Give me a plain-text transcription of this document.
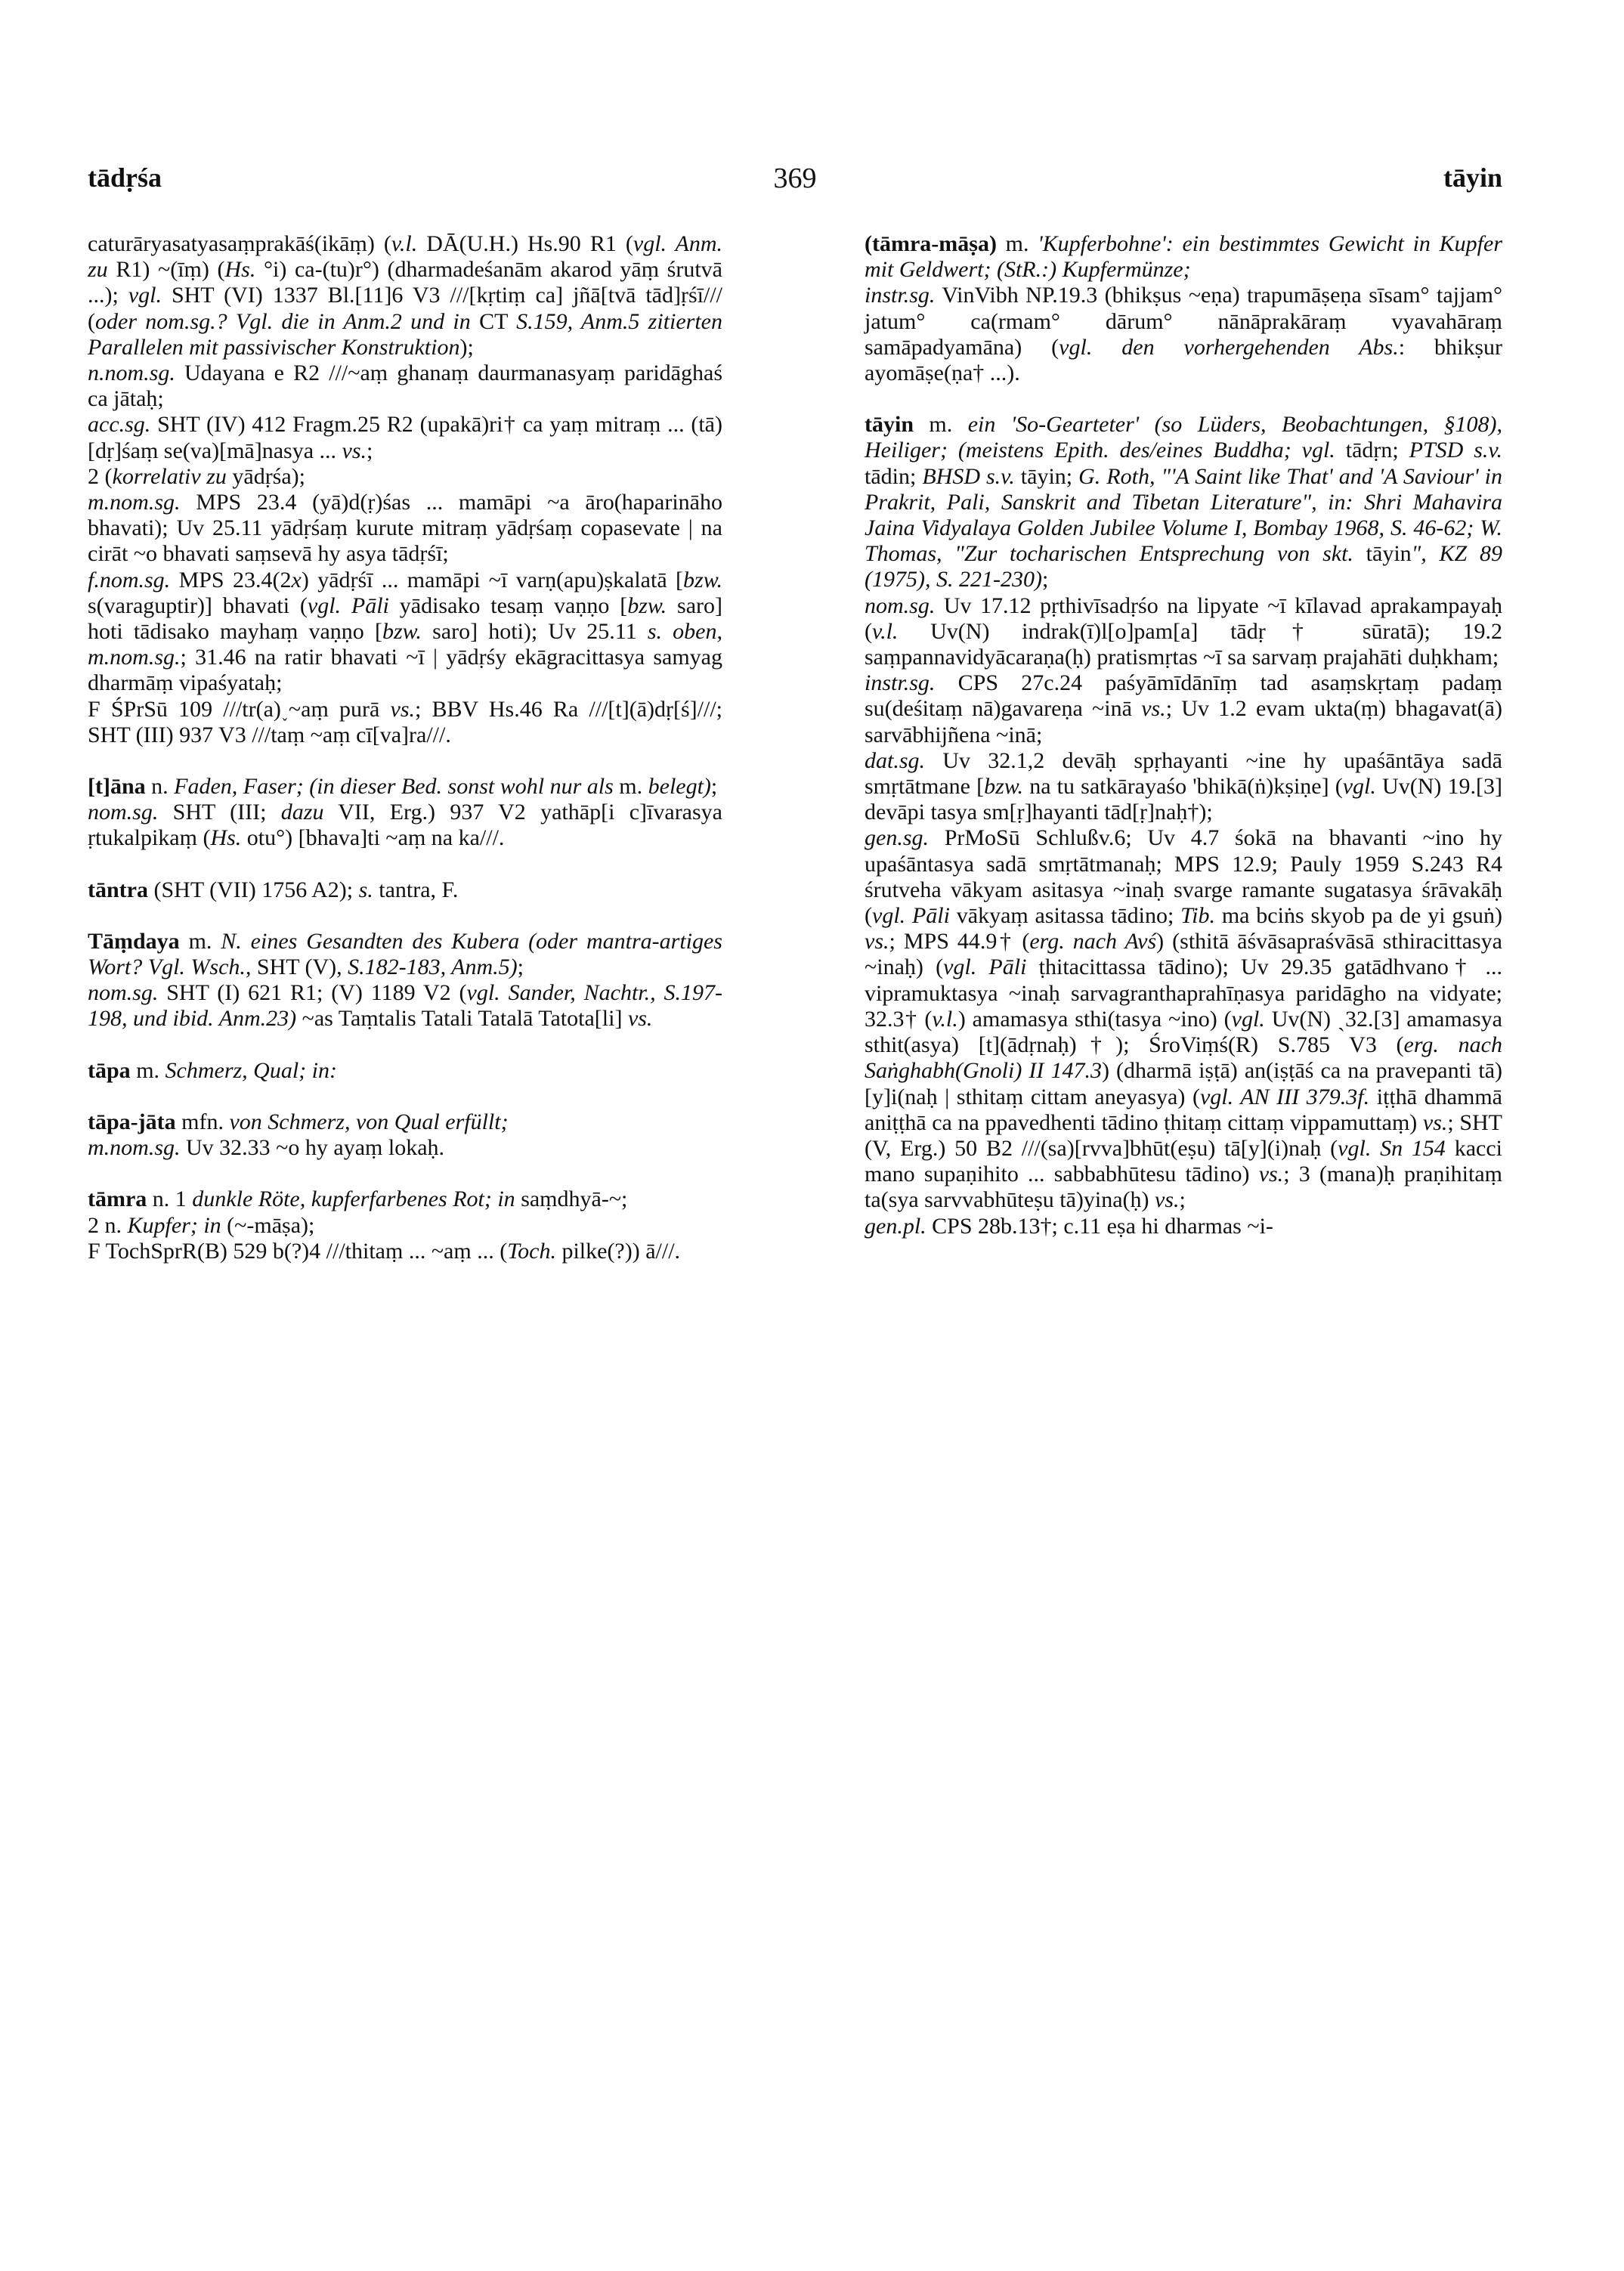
tādṛśa	369	tāyin

caturāryasatyasaṃprakāś(ikāṃ) (v.l. DĀ(U.H.) Hs.90 R1 (vgl. Anm. zu R1) ~(īṃ) (Hs. °i) ca-(tu)r°) (dharmadeśanām akarod yāṃ śrutvā ...); vgl. SHT (VI) 1337 Bl.[11]6 V3 ///[kṛtiṃ ca] jñā[tvā tād]ṛśī/// (oder nom.sg.? Vgl. die in Anm.2 und in CT S.159, Anm.5 zitierten Parallelen mit passivischer Konstruktion);

n.nom.sg. Udayana e R2 ///~aṃ ghanaṃ daurmanasyaṃ paridāghaś ca jātaḥ;

acc.sg. SHT (IV) 412 Fragm.25 R2 (upakā)ri† ca yaṃ mitraṃ ... (tā)[dṛ]śaṃ se(va)[mā]nasya ... vs.;

2 (korrelativ zu yādṛśa);

m.nom.sg. MPS 23.4 (yā)d(ṛ)śas ... mamāpi ~a āro(haparināho bhavati); Uv 25.11 yādṛśaṃ kurute mitraṃ yādṛśaṃ copasevate | na cirāt ~o bhavati saṃsevā hy asya tādṛśī;

f.nom.sg. MPS 23.4(2x) yādṛśī ... mamāpi ~ī varṇ(apu)ṣkalatā [bzw. s(varaguptir)] bhavati (vgl. Pāli yādisako tesaṃ vaṇṇo [bzw. saro] hoti tādisako mayhaṃ vaṇṇo [bzw. saro] hoti); Uv 25.11 s. oben, m.nom.sg.; 31.46 na ratir bhavati ~ī | yādṛśy ekāgracittasya samyag dharmāṃ vipaśyataḥ;

F ŚPrSū 109 ///tr(a)˯~aṃ purā vs.; BBV Hs.46 Ra ///[t](ā)dṛ[ś]///; SHT (III) 937 V3 ///taṃ ~aṃ cī[va]ra///.

[t]āna n. Faden, Faser; (in dieser Bed. sonst wohl nur als m. belegt);

nom.sg. SHT (III; dazu VII, Erg.) 937 V2 yathāp[i c]īvarasya ṛtukalpikaṃ (Hs. otu°) [bhava]ti ~aṃ na ka///.

tāntra (SHT (VII) 1756 A2); s. tantra, F.

Tāṃdaya m. N. eines Gesandten des Kubera (oder mantra-artiges Wort? Vgl. Wsch., SHT (V), S.182-183, Anm.5);

nom.sg. SHT (I) 621 R1; (V) 1189 V2 (vgl. Sander, Nachtr., S.197-198, und ibid. Anm.23) ~as Taṃtalis Tatali Tatalā Tatota[li] vs.

tāpa m. Schmerz, Qual; in:

tāpa-jāta mfn. von Schmerz, von Qual erfüllt;

m.nom.sg. Uv 32.33 ~o hy ayaṃ lokaḥ.

tāmra n. 1 dunkle Röte, kupferfarbenes Rot; in saṃdhyā-~;

2 n. Kupfer; in (~-māṣa);

F TochSprR(B) 529 b(?)4 ///thitaṃ ... ~aṃ ... (Toch. pilke(?)) ā///.

(tāmra-māṣa) m. 'Kupferbohne': ein bestimmtes Gewicht in Kupfer mit Geldwert; (StR.:) Kupfermünze;

instr.sg. VinVibh NP.19.3 (bhikṣus ~eṇa) trapumāṣeṇa sīsam° tajjam° jatum° ca(rmam° dārum° nānāprakāraṃ vyavahāraṃ samāpadyamāna) (vgl. den vorhergehenden Abs.: bhikṣur ayomāṣe(ṇa† ...).

tāyin m. ein 'So-Gearteter' (so Lüders, Beobachtungen, §108), Heiliger; (meistens Epith. des/eines Buddha; vgl. tādṛn; PTSD s.v. tādin; BHSD s.v. tāyin; G. Roth, "'A Saint like That' and 'A Saviour' in Prakrit, Pali, Sanskrit and Tibetan Literature", in: Shri Mahavira Jaina Vidyalaya Golden Jubilee Volume I, Bombay 1968, S. 46-62; W. Thomas, "Zur tocharischen Entsprechung von skt. tāyin", KZ 89 (1975), S. 221-230);

nom.sg. Uv 17.12 pṛthivīsadṛśo na lipyate ~ī kīlavad aprakampayaḥ (v.l. Uv(N) indrak(ī)l[o]pam[a] tādṛ† sūratā); 19.2 saṃpannavidyācaraṇa(ḥ) pratismṛtas ~ī sa sarvaṃ prajahāti duḥkham;

instr.sg. CPS 27c.24 paśyāmīdānīṃ tad asaṃskṛtaṃ padaṃ su(deśitaṃ nā)gavareṇa ~inā vs.; Uv 1.2 evam ukta(ṃ) bhagavat(ā) sarvābhijñena ~inā;

dat.sg. Uv 32.1,2 devāḥ spṛhayanti ~ine hy upaśāntāya sadā smṛtātmane [bzw. na tu satkārayaśo 'bhikā(ṅ)kṣiṇe] (vgl. Uv(N) 19.[3] devāpi tasya sm[ṛ]hayanti tād[ṛ]naḥ†);

gen.sg. PrMoSū Schlußv.6; Uv 4.7 śokā na bhavanti ~ino hy upaśāntasya sadā smṛtātmanaḥ; MPS 12.9; Pauly 1959 S.243 R4 śrutveha vākyam asitasya ~inaḥ svarge ramante sugatasya śrāvakāḥ (vgl. Pāli vākyaṃ asitassa tādino; Tib. ma bciṅs skyob pa de yi gsuṅ) vs.; MPS 44.9† (erg. nach Avś) (sthitā āśvāsapraśvāsā sthiracittasya ~inaḥ) (vgl. Pāli ṭhitacittassa tādino); Uv 29.35 gatādhvano† ... vipramuktasya ~inaḥ sarvagranthaprahīṇasya paridāgho na vidyate; 32.3† (v.l.) amamasya sthi(tasya ~ino) (vgl. Uv(N) ˏ32.[3] amamasya sthit(asya) [t](ādṛnaḥ)†); ŚroViṃś(R) S.785 V3 (erg. nach Saṅghabh(Gnoli) II 147.3) (dharmā iṣṭā) an(iṣṭāś ca na pravepanti tā)[y]i(naḥ | sthitaṃ cittam aneyasya) (vgl. AN III 379.3f. iṭṭhā dhammā aniṭṭhā ca na ppavedhenti tādino ṭhitaṃ cittaṃ vippamuttaṃ) vs.; SHT (V, Erg.) 50 B2 ///(sa)[rvva]bhūt(eṣu) tā[y](i)naḥ (vgl. Sn 154 kacci mano supaṇihito ... sabbabhūtesu tādino) vs.; 3 (mana)ḥ praṇihitaṃ ta(sya sarvvabhūteṣu tā)yina(ḥ) vs.;

gen.pl. CPS 28b.13†; c.11 eṣa hi dharmas ~i-
